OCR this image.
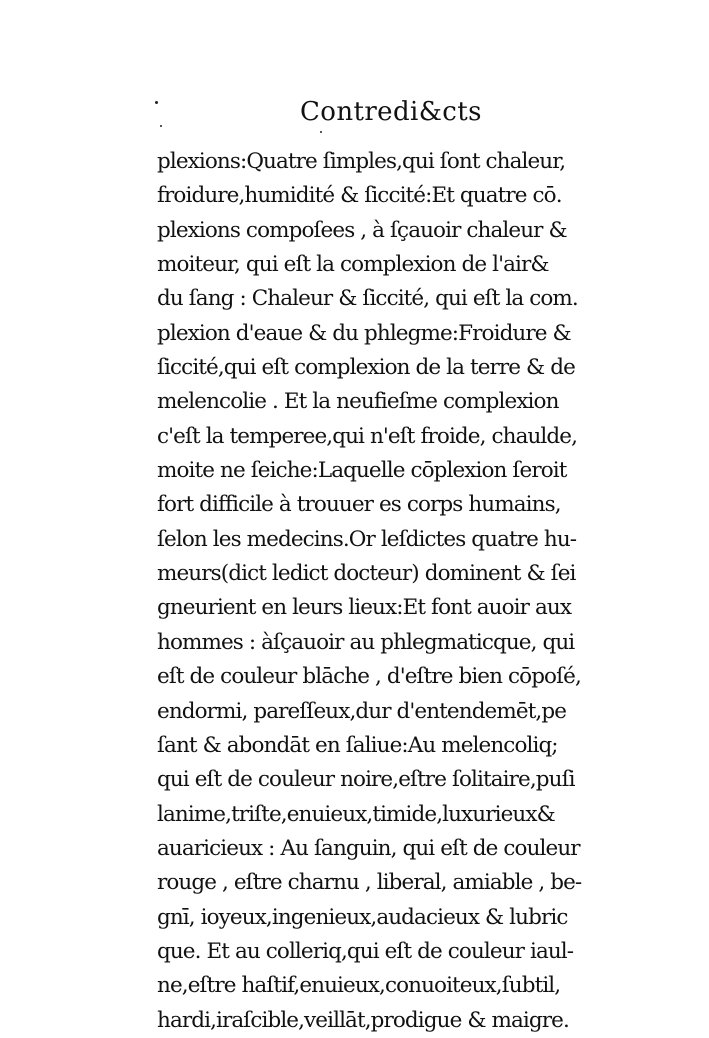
Contredi&cts
plexions:Quatre ſimples,qui ſont chaleur,
froidure,humidité & ſiccité:Et quatre cō.
plexions compoſees , à ſçauoir chaleur &
moiteur, qui eſt la complexion de l'air&
du ſang : Chaleur & ſiccité, qui eſt la com.
plexion d'eaue & du phlegme:Froidure &
ſiccité,qui eſt complexion de la terre & de
melencolie . Et la neufieſme complexion
c'eſt la temperee,qui n'eſt froide, chaulde,
moite ne ſeiche:Laquelle cōplexion ſeroit
fort difficile à trouuer es corps humains,
ſelon les medecins.Or leſdictes quatre hu-
meurs(dict ledict docteur) dominent & ſei
gneurient en leurs lieux:Et font auoir aux
hommes : àſçauoir au phlegmaticque, qui
eſt de couleur blāche , d'eſtre bien cōpoſé,
endormi, pareſſeux,dur d'entendemēt,pe
ſant & abondāt en ſaliue:Au melencoliq;
qui eſt de couleur noire,eſtre ſolitaire,puſi
lanime,triſte,enuieux,timide,luxurieux&
auaricieux : Au ſanguin, qui eſt de couleur
rouge , eſtre charnu , liberal, amiable , be-
gnī, ioyeux,ingenieux,audacieux & lubric
que. Et au colleriq,qui eſt de couleur iaul-
ne,eſtre haſtif,enuieux,conuoiteux,ſubtil,
hardi,iraſcible,veillāt,prodigue & maigre.
